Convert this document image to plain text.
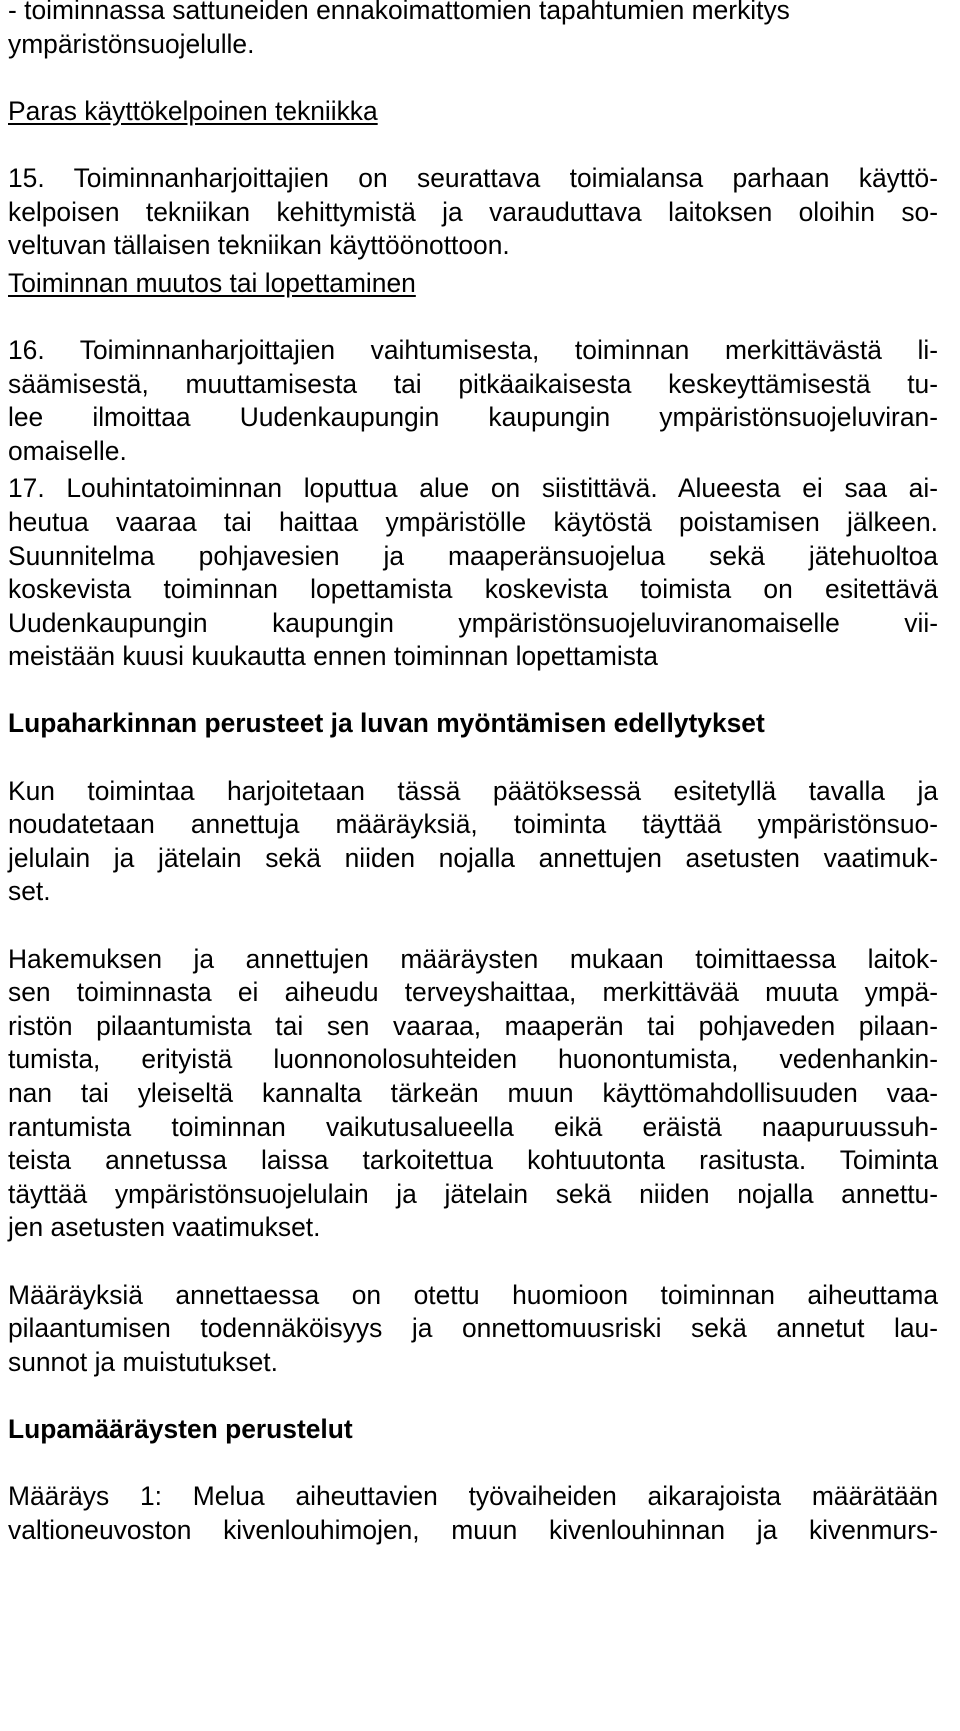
- toiminnassa sattuneiden ennakoimattomien tapahtumien merkitys
ympäristönsuojelulle.
Paras käyttökelpoinen tekniikka
15. Toiminnanharjoittajien on seurattava toimialansa parhaan käyttö-
kelpoisen tekniikan kehittymistä ja varauduttava laitoksen oloihin so-
veltuvan tällaisen tekniikan käyttöönottoon.
Toiminnan muutos tai lopettaminen
16. Toiminnanharjoittajien vaihtumisesta, toiminnan merkittävästä li-
säämisestä, muuttamisesta tai pitkäaikaisesta keskeyttämisestä tu-
lee ilmoittaa Uudenkaupungin kaupungin ympäristönsuojeluviran-
omaiselle.
17. Louhintatoiminnan loputtua alue on siistittävä. Alueesta ei saa ai-
heutua vaaraa tai haittaa ympäristölle käytöstä poistamisen jälkeen.
Suunnitelma pohjavesien ja maaperänsuojelua sekä jätehuoltoa
koskevista toiminnan lopettamista koskevista toimista on esitettävä
Uudenkaupungin kaupungin ympäristönsuojeluviranomaiselle vii-
meistään kuusi kuukautta ennen toiminnan lopettamista
Lupaharkinnan perusteet ja luvan myöntämisen edellytykset
Kun toimintaa harjoitetaan tässä päätöksessä esitetyllä tavalla ja
noudatetaan annettuja määräyksiä, toiminta täyttää ympäristönsuo-
jelulain ja jätelain sekä niiden nojalla annettujen asetusten vaatimuk-
set.
Hakemuksen ja annettujen määräysten mukaan toimittaessa laitok-
sen toiminnasta ei aiheudu terveyshaittaa, merkittävää muuta ympä-
ristön pilaantumista tai sen vaaraa, maaperän tai pohjaveden pilaan-
tumista, erityistä luonnonolosuhteiden huonontumista, vedenhankin-
nan tai yleiseltä kannalta tärkeän muun käyttömahdollisuuden vaa-
rantumista toiminnan vaikutusalueella eikä eräistä naapuruussuh-
teista annetussa laissa tarkoitettua kohtuutonta rasitusta. Toiminta
täyttää ympäristönsuojelulain ja jätelain sekä niiden nojalla annettu-
jen asetusten vaatimukset.
Määräyksiä annettaessa on otettu huomioon toiminnan aiheuttama
pilaantumisen todennäköisyys ja onnettomuusriski sekä annetut lau-
sunnot ja muistutukset.
Lupamääräysten perustelut
Määräys 1: Melua aiheuttavien työvaiheiden aikarajoista määrätään
valtioneuvoston kivenlouhimojen, muun kivenlouhinnan ja kivenmurs-
